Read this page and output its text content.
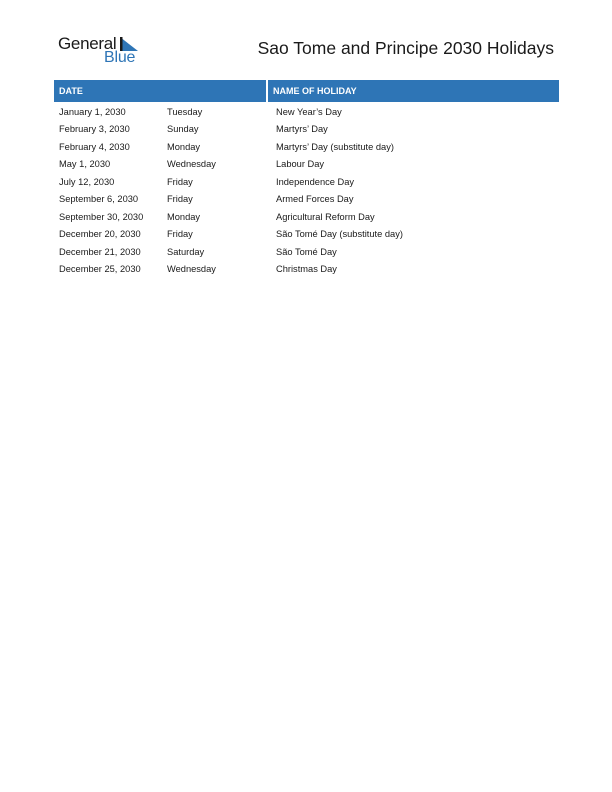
General
Blue	Sao Tome and Principe 2030 Holidays
DATE	NAME OF HOLIDAY
January 1, 2030	Tuesday	New Year’s Day
February 3, 2030	Sunday	Martyrs’ Day
February 4, 2030	Monday	Martyrs’ Day (substitute day)
May 1, 2030	Wednesday	Labour Day
July 12, 2030	Friday	Independence Day
September 6, 2030	Friday	Armed Forces Day
September 30, 2030	Monday	Agricultural Reform Day
December 20, 2030	Friday	São Tomé Day (substitute day)
December 21, 2030	Saturday	São Tomé Day
December 25, 2030	Wednesday	Christmas Day
